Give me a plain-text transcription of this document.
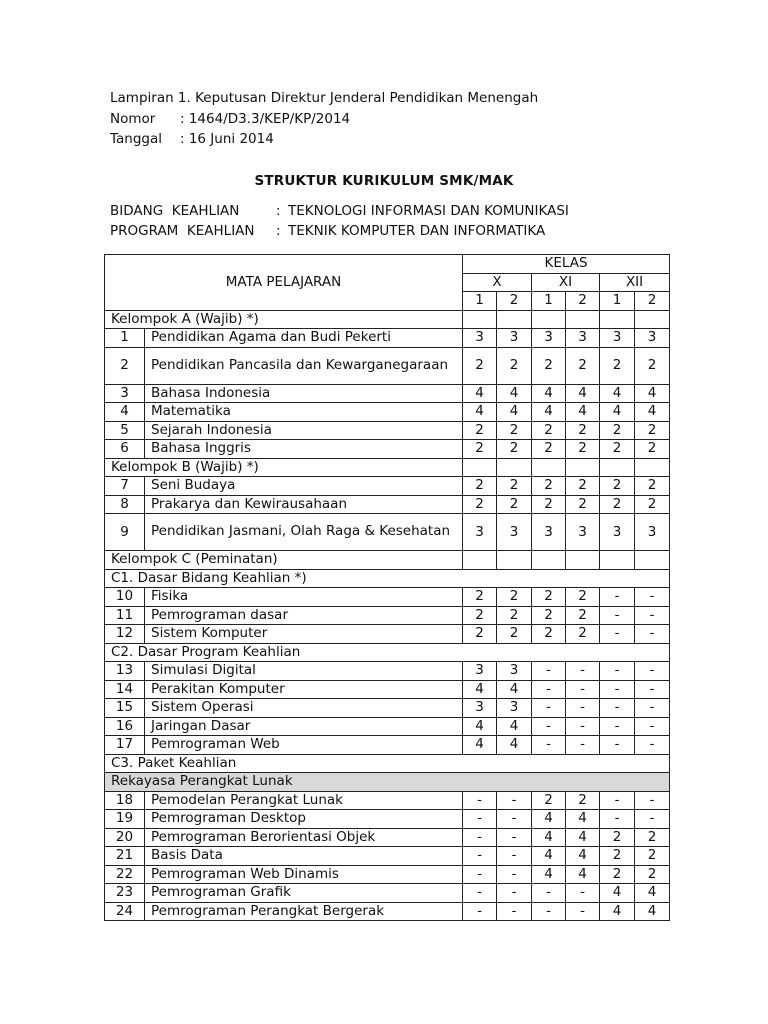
Lampiran 1. Keputusan Direktur Jenderal Pendidikan Menengah
Nomor	: 1464/D3.3/KEP/KP/2014
Tanggal	: 16 Juni 2014
STRUKTUR KURIKULUM SMK/MAK
BIDANG  KEAHLIAN	: TEKNOLOGI INFORMASI DAN KOMUNIKASI
PROGRAM  KEAHLIAN	: TEKNIK KOMPUTER DAN INFORMATIKA
MATA PELAJARAN		KELAS					
		X		XI		XII	
		1	2	1	2	1	2
Kelompok A (Wajib) *)							
1	Pendidikan Agama dan Budi Pekerti	3	3	3	3	3	3
2	Pendidikan Pancasila dan Kewarganegaraan	2	2	2	2	2	2
3	Bahasa Indonesia	4	4	4	4	4	4
4	Matematika	4	4	4	4	4	4
5	Sejarah Indonesia	2	2	2	2	2	2
6	Bahasa Inggris	2	2	2	2	2	2
Kelompok B (Wajib) *)							
7	Seni Budaya	2	2	2	2	2	2
8	Prakarya dan Kewirausahaan	2	2	2	2	2	2
9	Pendidikan Jasmani, Olah Raga & Kesehatan	3	3	3	3	3	3
Kelompok C (Peminatan)							
C1. Dasar Bidang Keahlian *)							
10	Fisika	2	2	2	2	-	-
11	Pemrograman dasar	2	2	2	2	-	-
12	Sistem Komputer	2	2	2	2	-	-
C2. Dasar Program Keahlian							
13	Simulasi Digital	3	3	-	-	-	-
14	Perakitan Komputer	4	4	-	-	-	-
15	Sistem Operasi	3	3	-	-	-	-
16	Jaringan Dasar	4	4	-	-	-	-
17	Pemrograman Web	4	4	-	-	-	-
C3. Paket Keahlian							
Rekayasa Perangkat Lunak							
18	Pemodelan Perangkat Lunak	-	-	2	2	-	-
19	Pemrograman Desktop	-	-	4	4	-	-
20	Pemrograman Berorientasi Objek	-	-	4	4	2	2
21	Basis Data	-	-	4	4	2	2
22	Pemrograman Web Dinamis	-	-	4	4	2	2
23	Pemrograman Grafik	-	-	-	-	4	4
24	Pemrograman Perangkat Bergerak	-	-	-	-	4	4
